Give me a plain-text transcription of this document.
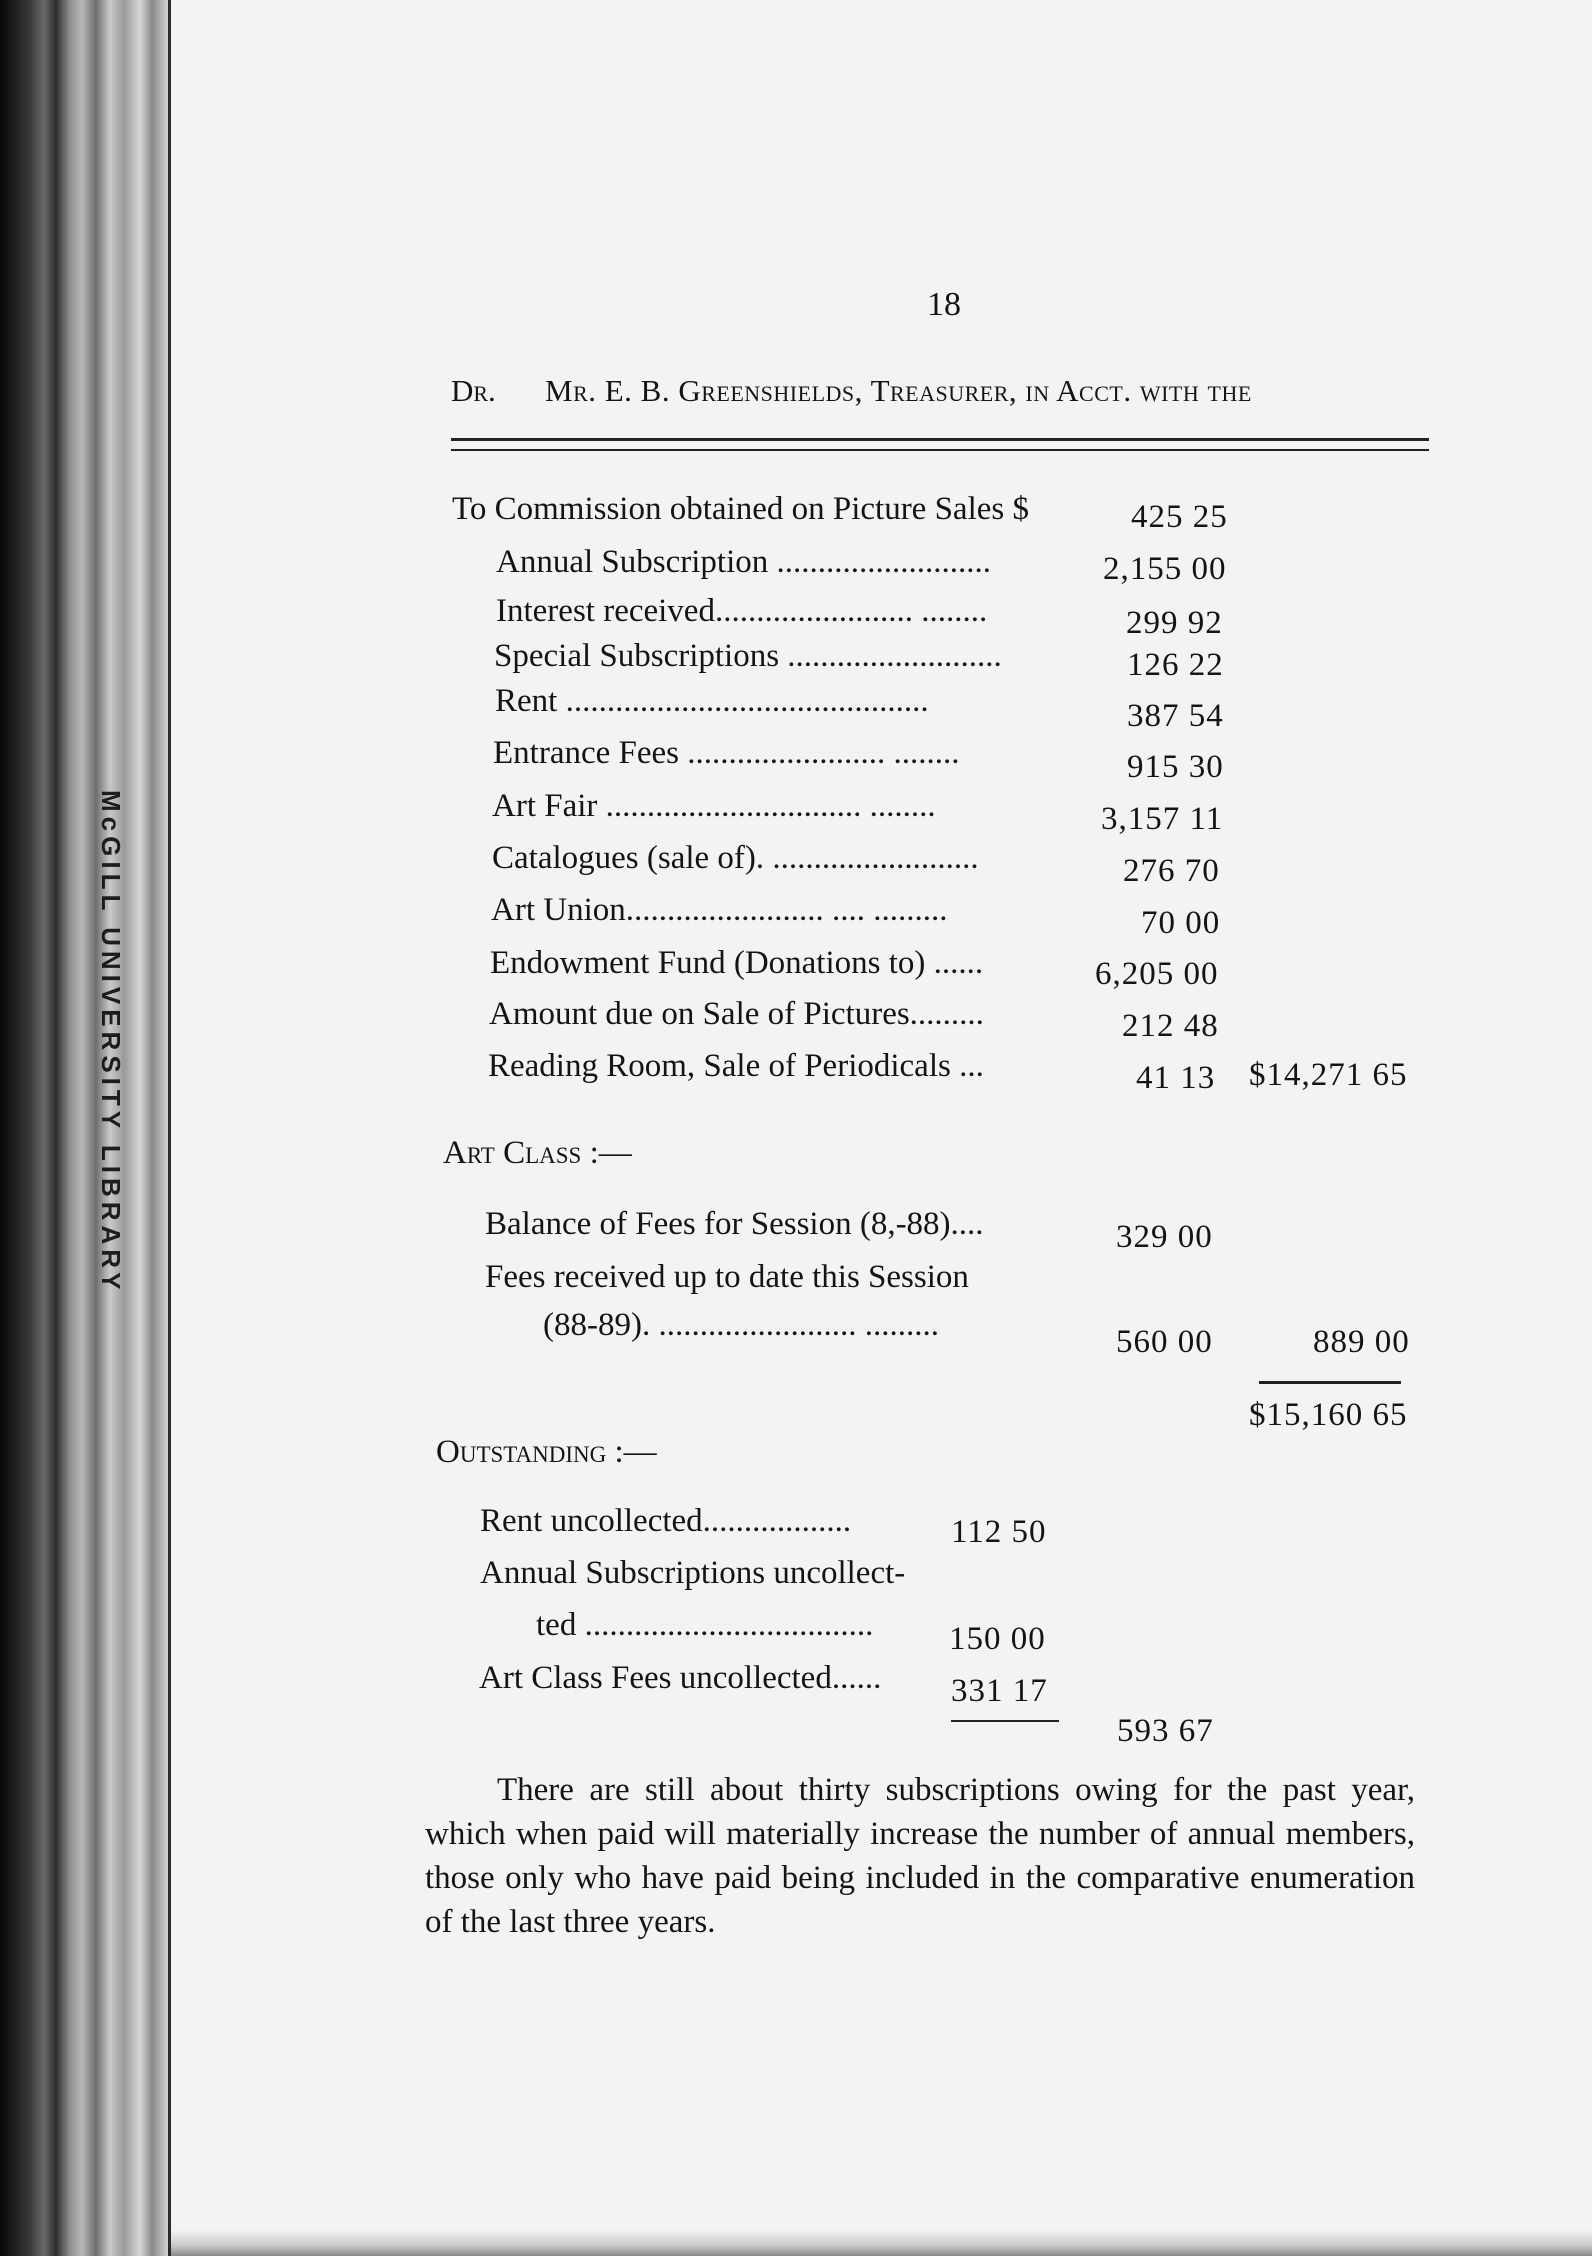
McGILL UNIVERSITY LIBRARY
18
Dr. Mr. E. B. Greenshields, Treasurer, in Acct. with the
To Commission obtained on Picture Sales $	425 25
Annual Subscription ..........................	2,155 00
Interest received........................ ........	299 92
Special Subscriptions ..........................	126 22
Rent ............................................	387 54
Entrance Fees ........................ ........	915 30
Art Fair ............................... ........	3,157 11
Catalogues (sale of). .........................	276 70
Art Union........................ .... .........	70 00
Endowment Fund (Donations to) ......	6,205 00
Amount due on Sale of Pictures.........	212 48
Reading Room, Sale of Periodicals ...	41 13 $14,271 65
Art Class :—
Balance of Fees for Session (8,-88)....	329 00
Fees received up to date this Session
(88-89). ........................ .........	560 00	889 00
$15,160 65
Outstanding :—
Rent uncollected..................	112 50
Annual Subscriptions uncollect-
ted ................................... 150 00
Art Class Fees uncollected...... 331 17
593 67

There are still about thirty subscriptions owing for the past year, which when paid will materially increase the number of annual members, those only who have paid being included in the comparative enumeration of the last three years.
